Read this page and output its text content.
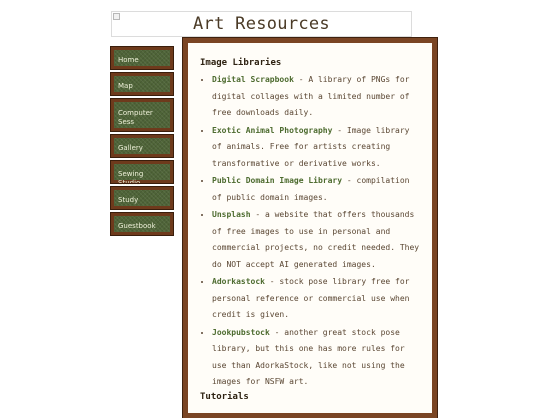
Art Resources
Home
Map
Computer Sess
Gallery
Sewing Studio
Study
Guestbook
Image Libraries
• Digital Scrapbook - A library of PNGs for digital collages with a limited number of free downloads daily.
• Exotic Animal Photography - Image library of animals. Free for artists creating transformative or derivative works.
• Public Domain Image Library - compilation of public domain images.
• Unsplash - a website that offers thousands of free images to use in personal and commercial projects, no credit needed. They do NOT accept AI generated images.
• Adorkastock - stock pose library free for personal reference or commercial use when credit is given.
• Jookpubstock - another great stock pose library, but this one has more rules for use than AdorkaStock, like not using the images for NSFW art.
Tutorials
